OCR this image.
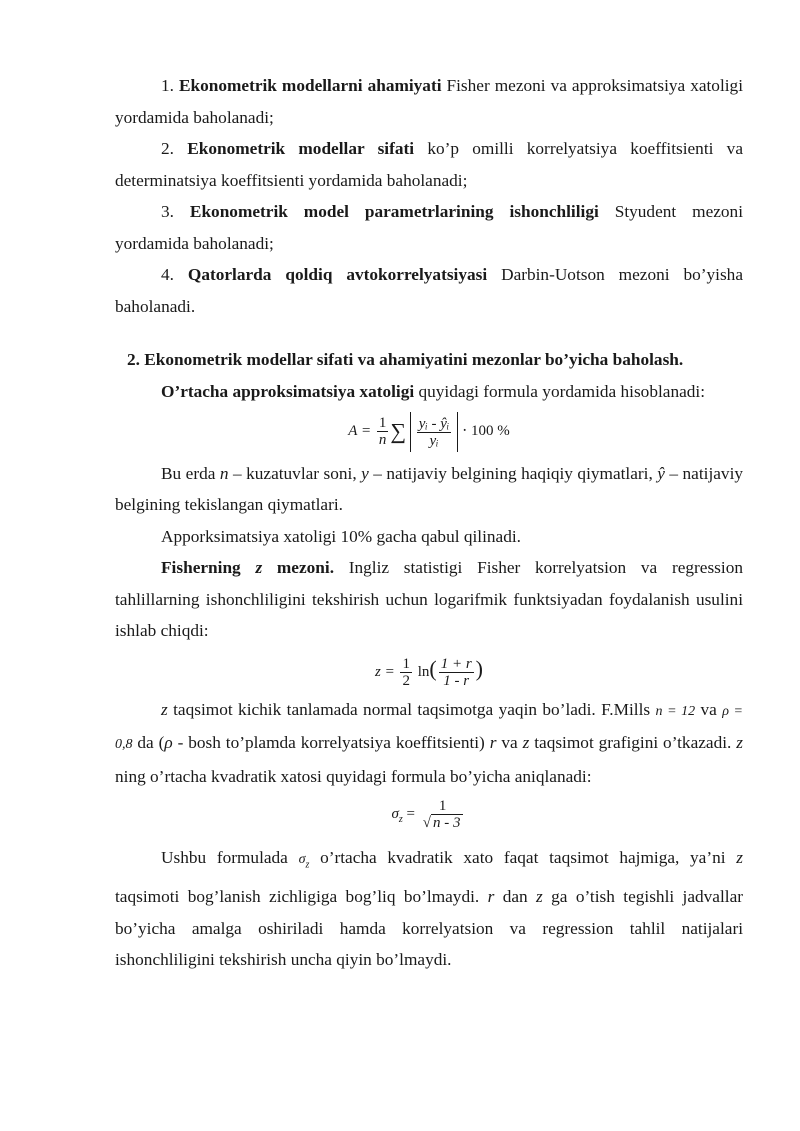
1. Ekonometrik modellarni ahamiyati Fisher mezoni va approksimatsiya xatoligi yordamida baholanadi;

2. Ekonometrik modellar sifati ko’p omilli korrelyatsiya koeffitsienti va determinatsiya koeffitsienti yordamida baholanadi;

3. Ekonometrik model parametrlarining ishonchliligi Styudent mezoni yordamida baholanadi;

4. Qatorlarda qoldiq avtokorrelyatsiyasi Darbin-Uotson mezoni bo’yisha baholanadi.

2. Ekonometrik modellar sifati va ahamiyatini mezonlar bo’yicha baholash.

O’rtacha approksimatsiya xatoligi quyidagi formula yordamida hisoblanadi:

$A = \frac{1}{n}$ ∑ $\frac{\text{yᵢ - ŷᵢ}}{\text{yᵢ}} \cdot 100$ %

Bu erda n – kuzatuvlar soni, y – natijaviy belgining haqiqiy qiymatlari, ŷ – natijaviy belgining tekislangan qiymatlari.

Apporksimatsiya xatoligi 10% gacha qabul qilinadi.

Fisherning z mezoni. Ingliz statistigi Fisher korrelyatsion va regression tahlillarning ishonchliligini tekshirish uchun logarifmik funktsiyadan foydalanish usulini ishlab chiqdi:

$z = \frac{1}{2} \ln( \frac{1 + r}{1 - r}$ )

z taqsimot kichik tanlamada normal taqsimotga yaqin bo’ladi. F.Mills n = 12 va ρ = 0,8 da (ρ - bosh to’plamda korrelyatsiya koeffitsienti) r va z taqsimot grafigini o’tkazadi. z ning o’rtacha kvadratik xatosi quyidagi formula bo’yicha aniqlanadi:

$\sigma_z = \frac{1}{√ n - 3}$

Ushbu formulada $\sigma_z$ o’rtacha kvadratik xato faqat taqsimot hajmiga, ya’ni z taqsimoti bog’lanish zichligiga bog’liq bo’lmaydi. r dan z ga o’tish tegishli jadvallar bo’yicha amalga oshiriladi hamda korrelyatsion va regression tahlil natijalari ishonchliligini tekshirish uncha qiyin bo’lmaydi.
